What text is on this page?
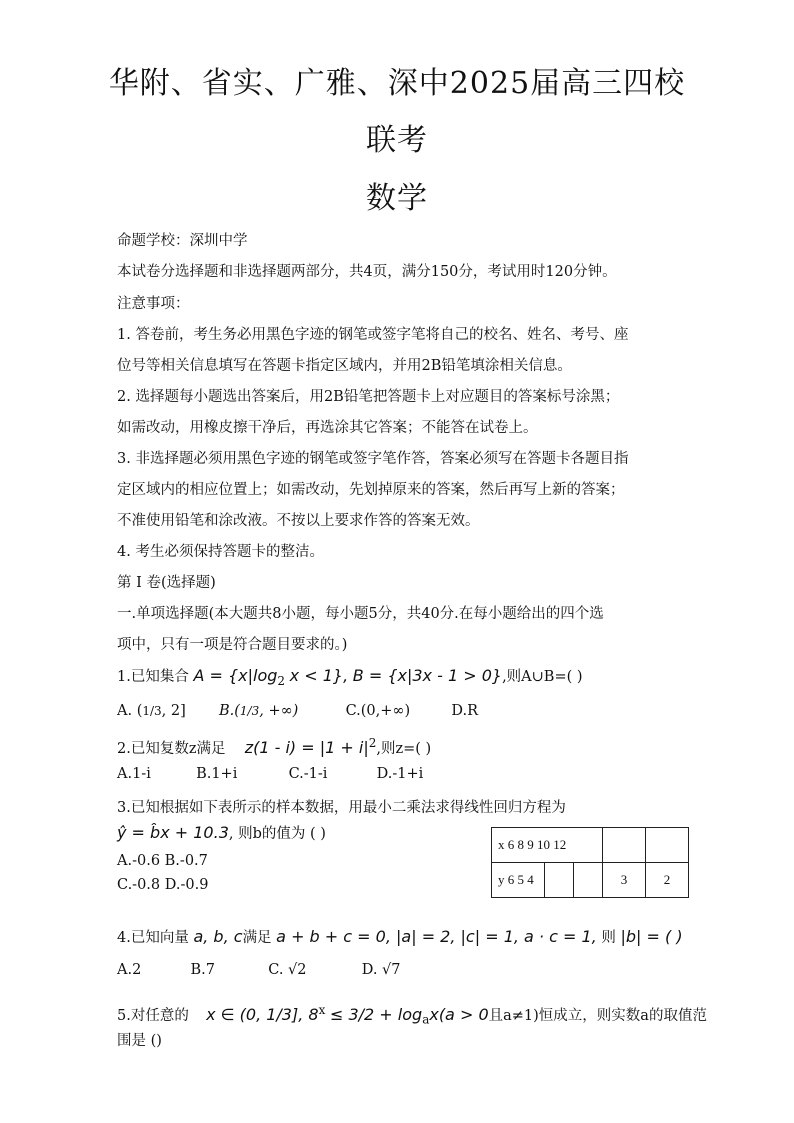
华附、省实、广雅、深中2025届高三四校
联考
数学
命题学校：深圳中学
本试卷分选择题和非选择题两部分，共4页，满分150分，考试用时120分钟。
注意事项：
1. 答卷前，考生务必用黑色字迹的钢笔或签字笔将自己的校名、姓名、考号、座
位号等相关信息填写在答题卡指定区域内，并用2B铅笔填涂相关信息。
2. 选择题每小题选出答案后，用2B铅笔把答题卡上对应题目的答案标号涂黑；
如需改动，用橡皮擦干净后，再选涂其它答案；不能答在试卷上。
3. 非选择题必须用黑色字迹的钢笔或签字笔作答，答案必须写在答题卡各题目指
定区域内的相应位置上；如需改动，先划掉原来的答案，然后再写上新的答案；
不准使用铅笔和涂改液。不按以上要求作答的答案无效。
4. 考生必须保持答题卡的整洁。
第 I 卷(选择题)
一.单项选择题(本大题共8小题，每小题5分，共40分.在每小题给出的四个选
项中，只有一项是符合题目要求的。)
1.已知集合 $A = \{x|\log_2$ x < 1}, B = {x|3x - 1 > 0},则A∪B=( )
A. (1/3, 2] B.(1/3, +∞)	C.(0,+∞)	D.R
2.已知复数z满足 $z(1 - i) = |1 + i|^2$,则z=( )
A.1-i	B.1+i	C.-1-i	D.-1+i
3.已知根据如下表所示的样本数据，用最小二乘法求得线性回归方程为
ŷ = b̂x + 10.3, 则b的值为 ( )
A.-0.6 B.-0.7
C.-0.8 D.-0.9
x 6 8 9 10 12				
y 6 5 4			3	2
4.已知向量 a, b, c满足 a + b + c = 0, |a| = 2, |c| = 1, a · c = 1, 则 |b| = ( )
A.2	B.7	C. √2	D. √7
5.对任意的 x ∈ (0, 1/3], $8^x \le 3/2 + \log_ax(a > 0$且a≠1)恒成立，则实数a的取值范
围是 ()
